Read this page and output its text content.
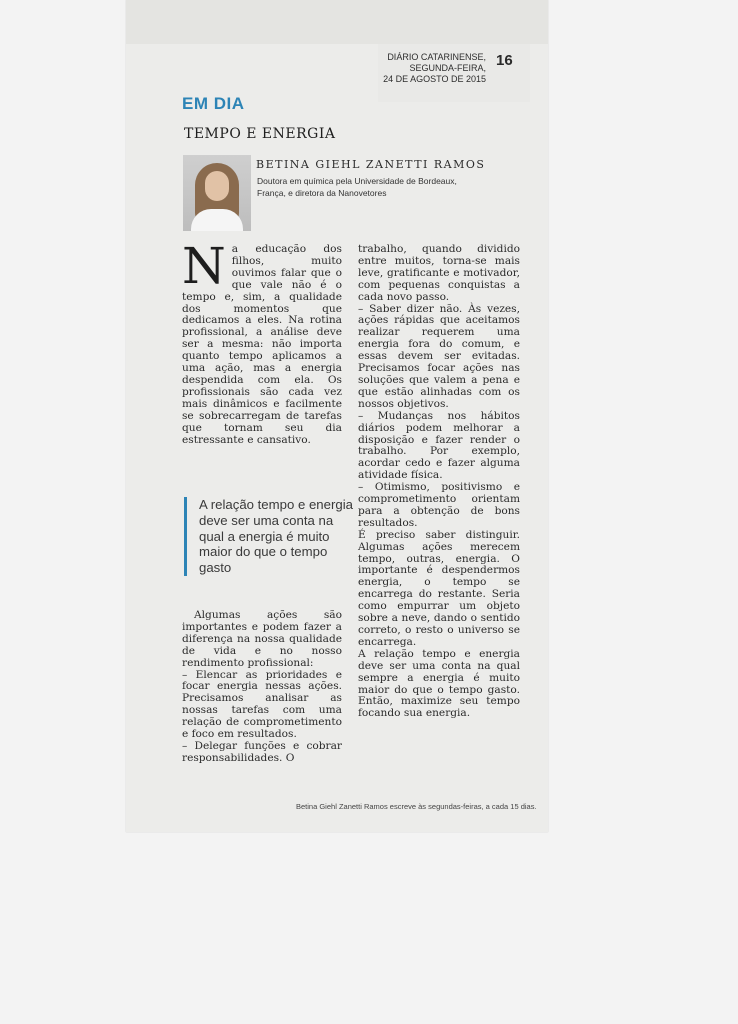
DIÁRIO CATARINENSE,
SEGUNDA-FEIRA,
24 DE AGOSTO DE 2015
16
EM DIA
TEMPO E ENERGIA
BETINA GIEHL ZANETTI RAMOS
Doutora em química pela Universidade de Bordeaux, França, e diretora da Nanovetores
N a educação dos filhos, muito ouvimos falar que o que vale não é o tempo e, sim, a qualidade dos momentos que dedicamos a eles. Na rotina profissional, a análise deve ser a mesma: não importa quanto tempo aplicamos a uma ação, mas a energia despendida com ela. Os profissionais são cada vez mais dinâmicos e facilmente se sobrecarregam de tarefas que tornam seu dia estressante e cansativo.

A relação tempo e energia deve ser uma conta na qual a energia é muito maior do que o tempo gasto

Algumas ações são importantes e podem fazer a diferença na nossa qualidade de vida e no nosso rendimento profissional:

– Elencar as prioridades e focar energia nessas ações. Precisamos analisar as nossas tarefas com uma relação de comprometimento e foco em resultados.

– Delegar funções e cobrar responsabilidades. O

trabalho, quando dividido entre muitos, torna-se mais leve, gratificante e motivador, com pequenas conquistas a cada novo passo.

– Saber dizer não. Às vezes, ações rápidas que aceitamos realizar requerem uma energia fora do comum, e essas devem ser evitadas. Precisamos focar ações nas soluções que valem a pena e que estão alinhadas com os nossos objetivos.

– Mudanças nos hábitos diários podem melhorar a disposição e fazer render o trabalho. Por exemplo, acordar cedo e fazer alguma atividade física.

– Otimismo, positivismo e comprometimento orientam para a obtenção de bons resultados.

É preciso saber distinguir. Algumas ações merecem tempo, outras, energia. O importante é despendermos energia, o tempo se encarrega do restante. Seria como empurrar um objeto sobre a neve, dando o sentido correto, o resto o universo se encarrega.

A relação tempo e energia deve ser uma conta na qual sempre a energia é muito maior do que o tempo gasto. Então, maximize seu tempo focando sua energia.

Betina Giehl Zanetti Ramos escreve às segundas-feiras, a cada 15 dias.
